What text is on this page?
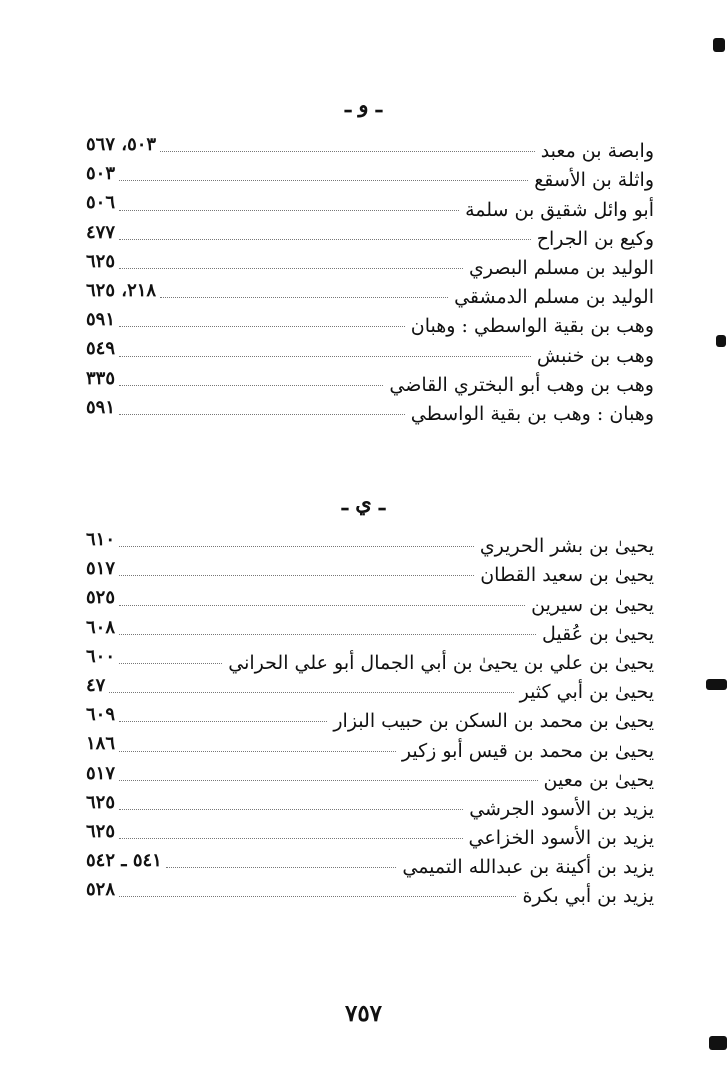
ـ و ـ
وابصة بن معبد
٥٠٣، ٥٦٧
واثلة بن الأسقع
٥٠٣
أبو وائل شقيق بن سلمة
٥٠٦
وكيع بن الجراح
٤٧٧
الوليد بن مسلم البصري
٦٢٥
الوليد بن مسلم الدمشقي
٢١٨، ٦٢٥
وهب بن بقية الواسطي : وهبان
٥٩١
وهب بن خنبش
٥٤٩
وهب بن وهب أبو البختري القاضي
٣٣٥
وهبان : وهب بن بقية الواسطي
٥٩١
ـ ي ـ
يحيىٰ بن بشر الحريري
٦١٠
يحيىٰ بن سعيد القطان
٥١٧
يحيىٰ بن سيرين
٥٢٥
يحيىٰ بن عُقيل
٦٠٨
يحيىٰ بن علي بن يحيىٰ بن أبي الجمال أبو علي الحراني
٦٠٠
يحيىٰ بن أبي كثير
٤٧
يحيىٰ بن محمد بن السكن بن حبيب البزار
٦٠٩
يحيىٰ بن محمد بن قيس أبو زكير
١٨٦
يحيىٰ بن معين
٥١٧
يزيد بن الأسود الجرشي
٦٢٥
يزيد بن الأسود الخزاعي
٦٢٥
يزيد بن أكينة بن عبدالله التميمي
٥٤١ ـ ٥٤٢
يزيد بن أبي بكرة
٥٢٨
٧٥٧
